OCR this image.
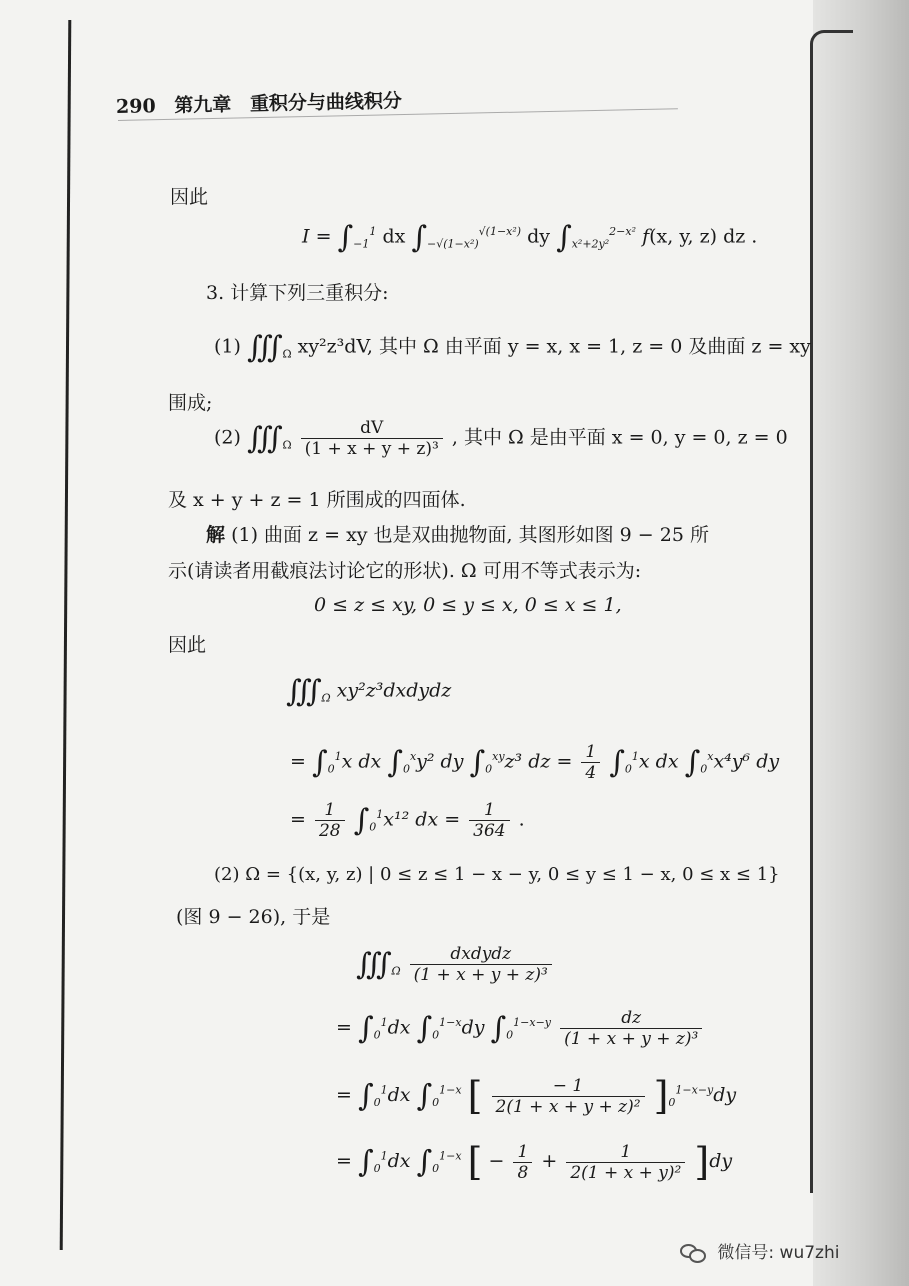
290 第九章 重积分与曲线积分
因此
$I = \int_{-1}^1$ dx $\int_{-√(1-x^2)}^{√(1-x^2)}$ dy $\int_{x^2+2y^2}^{2-x^2}$ f(x, y, z) dz .
3. 计算下列三重积分:
(1) $∭_\Omega$ xy²z³dV, 其中 Ω 由平面 y = x, x = 1, z = 0 及曲面 z = xy
围成;
(2) $∭_\Omega \frac{dV}{\text{(1 + x + y + z)³}}$ , 其中 Ω 是由平面 x = 0, y = 0, z = 0
及 x + y + z = 1 所围成的四面体.
解 (1) 曲面 z = xy 也是双曲抛物面, 其图形如图 9 − 25 所
示(请读者用截痕法讨论它的形状). Ω 可用不等式表示为:
0 ≤ z ≤ xy, 0 ≤ y ≤ x, 0 ≤ x ≤ 1,
因此
$∭_\Omega$ xy²z³dxdydz
= $\int_0^1x$ dx $\int_0^xy^2$ dy $\int_0^{xy}z^3$ dz = $\frac{1}{4} \int_0^1x$ dx $\int_0^xx^4y^6$ dy
= $\frac{1}{28} \int_0^1x^{12}$ dx = $\frac{1}{364}$ .
(2) Ω = {(x, y, z) | 0 ≤ z ≤ 1 − x − y, 0 ≤ y ≤ 1 − x, 0 ≤ x ≤ 1}
(图 9 − 26), 于是
$∭_\Omega \frac{\text{dxdydz}}{\text{(1 + x + y + z)³}}$
= $\int_0^1dx$ $\int_0^{1-x}dy$ $\int_0^{1-x-y} \frac{dz}{\text{(1 + x + y + z)³}}$
= $\int_0^1dx$ $\int_0^{1-x}$ [ $\frac{- 1}{\text{2(1 + x + y + z)²}} ]_0^{1-x-y}dy$
= $\int_0^1dx$ $\int_0^{1-x}$ [ − $\frac{1}{8} + \frac{1}{\text{2(1 + x + y)²}} ]dy$
微信号: wu7zhi
